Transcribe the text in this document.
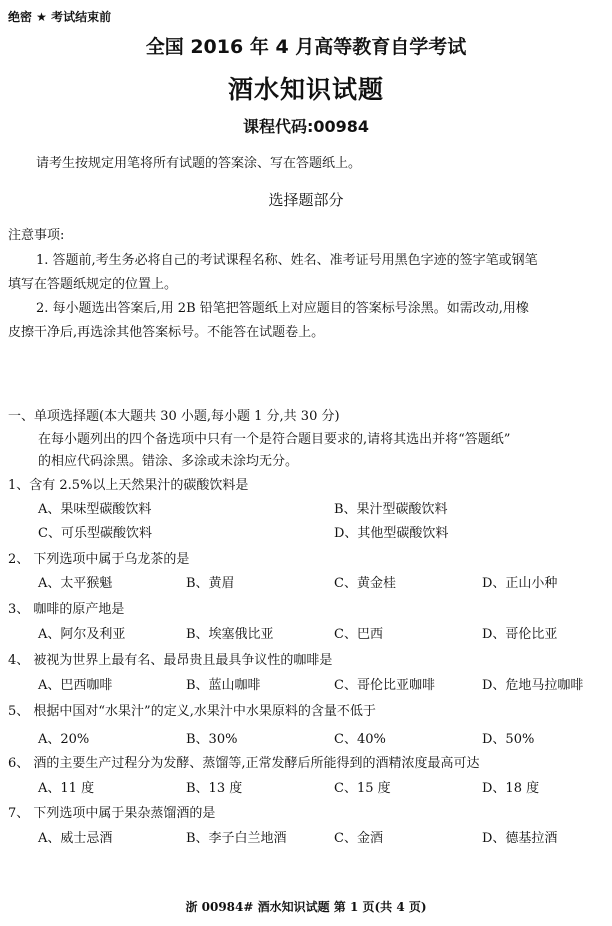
绝密 ★ 考试结束前
全国 2016 年 4 月高等教育自学考试
酒水知识试题
课程代码:00984
请考生按规定用笔将所有试题的答案涂、写在答题纸上。
选择题部分
注意事项:
1. 答题前,考生务必将自己的考试课程名称、姓名、准考证号用黑色字迹的签字笔或钢笔
填写在答题纸规定的位置上。
2. 每小题选出答案后,用 2B 铅笔把答题纸上对应题目的答案标号涂黑。如需改动,用橡
皮擦干净后,再选涂其他答案标号。不能答在试题卷上。
一、单项选择题(本大题共 30 小题,每小题 1 分,共 30 分)
在每小题列出的四个备选项中只有一个是符合题目要求的,请将其选出并将“答题纸”
的相应代码涂黑。错涂、多涂或未涂均无分。
1、含有 2.5%以上天然果汁的碳酸饮料是
A、果味型碳酸饮料	B、果汁型碳酸饮料
C、可乐型碳酸饮料	D、其他型碳酸饮料
2、 下列选项中属于乌龙茶的是
A、太平猴魁	B、黄眉	C、黄金桂	D、正山小种
3、 咖啡的原产地是
A、阿尔及利亚	B、埃塞俄比亚	C、巴西	D、哥伦比亚
4、 被视为世界上最有名、最昂贵且最具争议性的咖啡是
A、巴西咖啡	B、蓝山咖啡	C、哥伦比亚咖啡	D、危地马拉咖啡
5、 根据中国对“水果汁”的定义,水果汁中水果原料的含量不低于
A、20%	B、30%	C、40%	D、50%
6、 酒的主要生产过程分为发酵、蒸馏等,正常发酵后所能得到的酒精浓度最高可达
A、11 度	B、13 度	C、15 度	D、18 度
7、 下列选项中属于果杂蒸馏酒的是
A、威士忌酒	B、李子白兰地酒	C、金酒	D、德基拉酒
浙 00984# 酒水知识试题 第 1 页(共 4 页)
